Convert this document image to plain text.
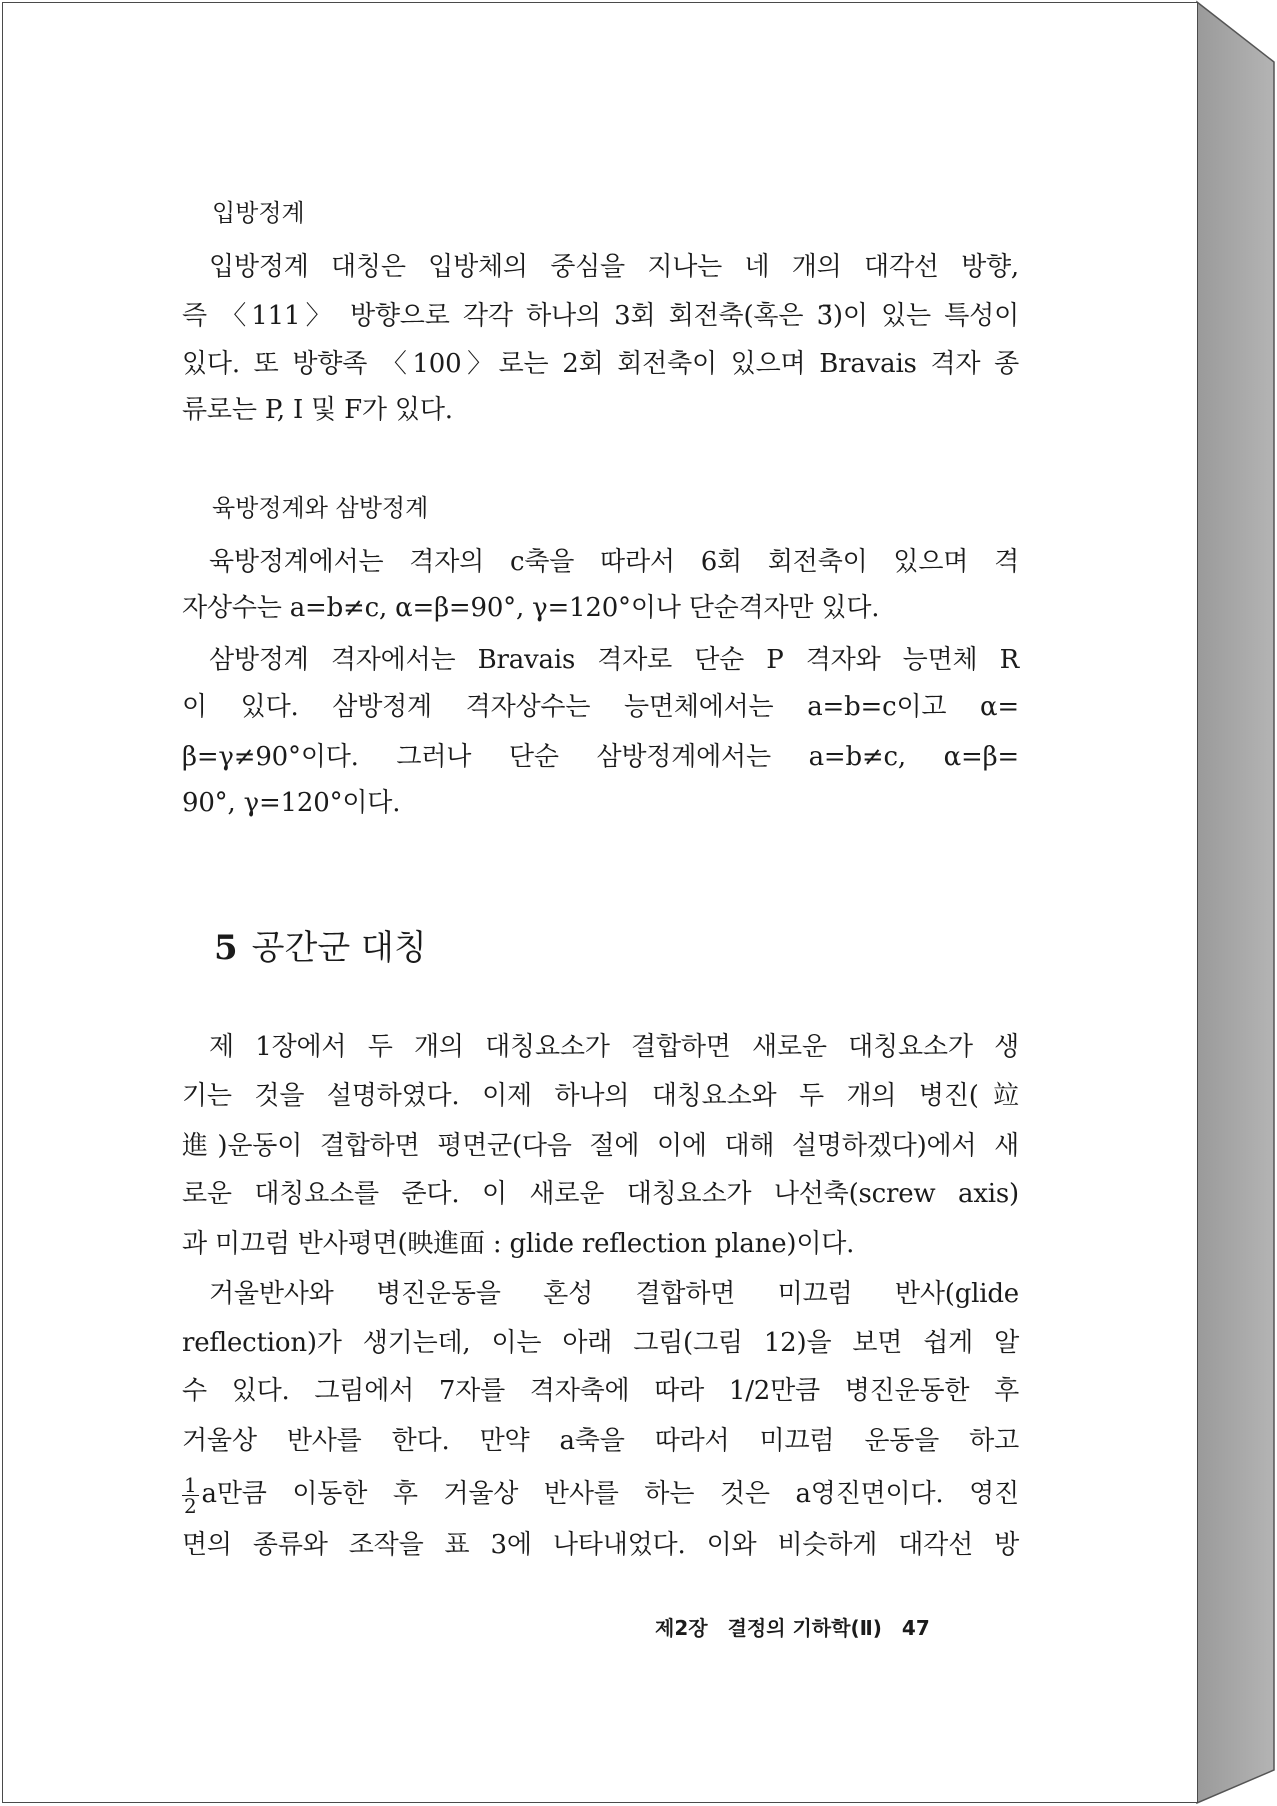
입방정계
입방정계 대칭은 입방체의 중심을 지나는 네 개의 대각선 방향,
즉 〈111〉 방향으로 각각 하나의 3회 회전축(혹은 3̄)이 있는 특성이
있다. 또 방향족 〈100〉로는 2회 회전축이 있으며 Bravais 격자 종
류로는 P, I 및 F가 있다.
육방정계와 삼방정계
육방정계에서는 격자의 c축을 따라서 6회 회전축이 있으며 격
자상수는 a=b≠c, α=β=90°, γ=120°이나 단순격자만 있다.
삼방정계 격자에서는 Bravais 격자로 단순 P 격자와 능면체 R
이 있다. 삼방정계 격자상수는 능면체에서는 a=b=c이고 α=
β=γ≠90°이다. 그러나 단순 삼방정계에서는 a=b≠c, α=β=
90°, γ=120°이다.
5 공간군 대칭
제 1장에서 두 개의 대칭요소가 결합하면 새로운 대칭요소가 생
기는 것을 설명하였다. 이제 하나의 대칭요소와 두 개의 병진(竝
進)운동이 결합하면 평면군(다음 절에 이에 대해 설명하겠다)에서 새
로운 대칭요소를 준다. 이 새로운 대칭요소가 나선축(screw axis)
과 미끄럼 반사평면(映進面 : glide reflection plane)이다.
거울반사와 병진운동을 혼성 결합하면 미끄럼 반사(glide
reflection)가 생기는데, 이는 아래 그림(그림 12)을 보면 쉽게 알
수 있다. 그림에서 7자를 격자축에 따라 1/2만큼 병진운동한 후
거울상 반사를 한다. 만약 a축을 따라서 미끄럼 운동을 하고
$\frac{1}{2}$ a만큼 이동한 후 거울상 반사를 하는 것은 a영진면이다. 영진
면의 종류와 조작을 표 3에 나타내었다. 이와 비슷하게 대각선 방
제2장 결정의 기하학(Ⅱ) 47
